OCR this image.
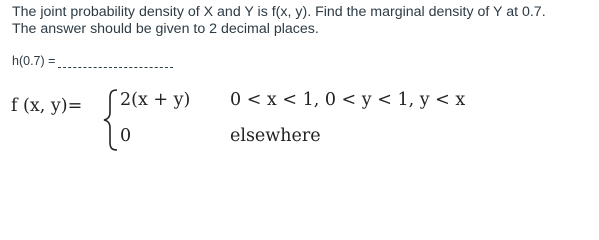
The joint probability density of X and Y is f(x, y). Find the marginal density of Y at 0.7.
The answer should be given to 2 decimal places.
h(0.7) =
f (x, y)= 2(x + y) 0 < x < 1, 0 < y < 1, y < x
0	elsewhere
